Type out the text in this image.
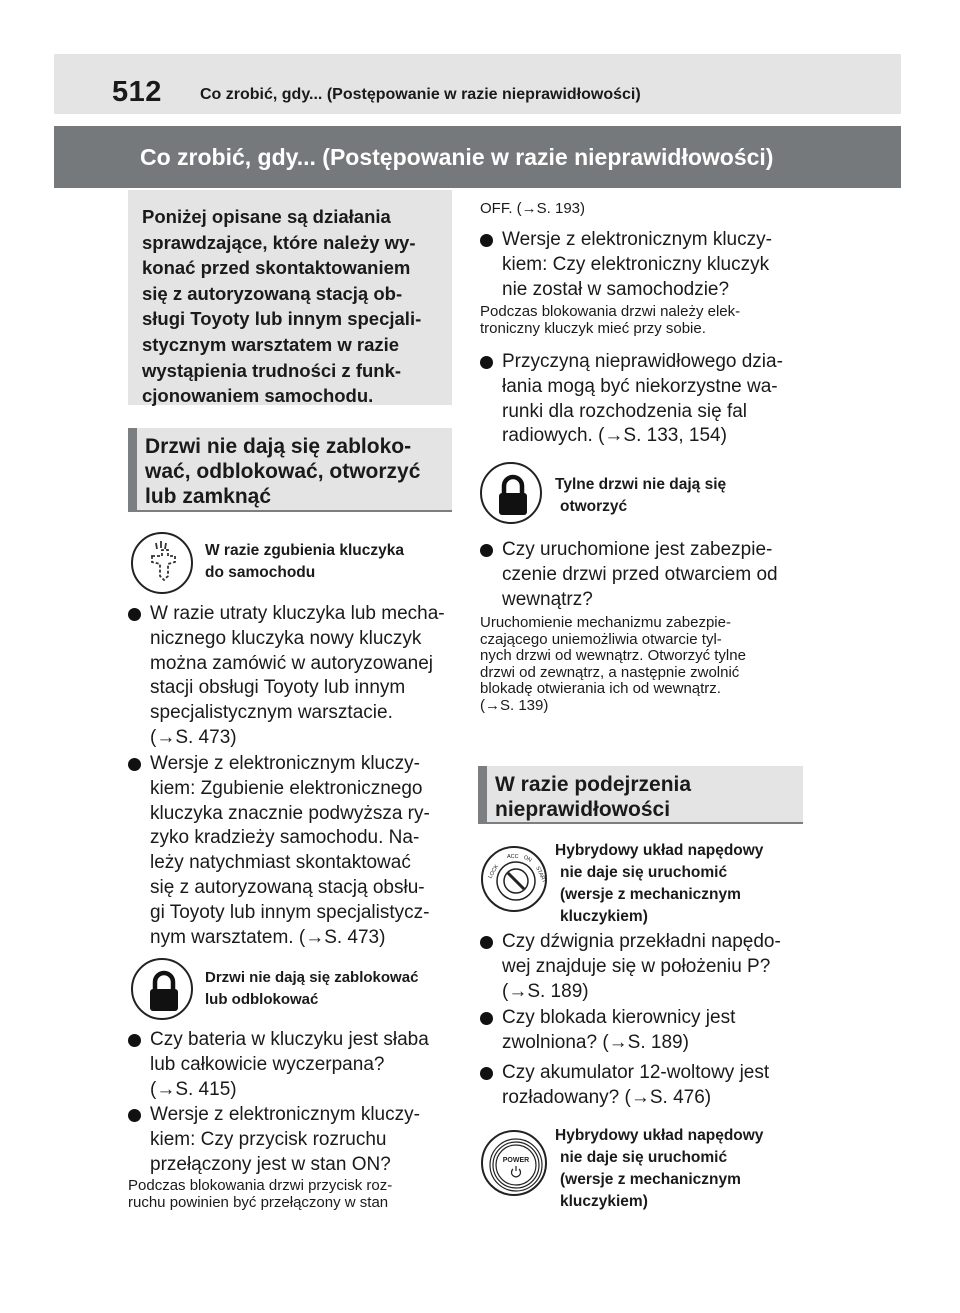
512 Co zrobić, gdy... (Postępowanie w razie nieprawidłowości)
Co zrobić, gdy... (Postępowanie w razie nieprawidłowości)
Poniżej opisane są działania
sprawdzające, które należy wy-
konać przed skontaktowaniem
się z autoryzowaną stacją ob-
sługi Toyoty lub innym specjali-
stycznym warsztatem w razie
wystąpienia trudności z funk-
cjonowaniem samochodu.
Drzwi nie dają się zabloko-
wać, odblokować, otworzyć
lub zamknąć
W razie zgubienia kluczyka
do samochodu
W razie utraty kluczyka lub mecha-
nicznego kluczyka nowy kluczyk
można zamówić w autoryzowanej
stacji obsługi Toyoty lub innym
specjalistycznym warsztacie.
(→S. 473)
Wersje z elektronicznym kluczy-
kiem: Zgubienie elektronicznego
kluczyka znacznie podwyższa ry-
zyko kradzieży samochodu. Na-
leży natychmiast skontaktować
się z autoryzowaną stacją obsłu-
gi Toyoty lub innym specjalistycz-
nym warsztatem. (→S. 473)
Drzwi nie dają się zablokować
lub odblokować
Czy bateria w kluczyku jest słaba
lub całkowicie wyczerpana?
(→S. 415)
Wersje z elektronicznym kluczy-
kiem: Czy przycisk rozruchu
przełączony jest w stan ON?
Podczas blokowania drzwi przycisk roz-
ruchu powinien być przełączony w stan
OFF. (→S. 193)
Wersje z elektronicznym kluczy-
kiem: Czy elektroniczny kluczyk
nie został w samochodzie?
Podczas blokowania drzwi należy elek-
troniczny kluczyk mieć przy sobie.
Przyczyną nieprawidłowego dzia-
łania mogą być niekorzystne wa-
runki dla rozchodzenia się fal
radiowych. (→S. 133, 154)
Tylne drzwi nie dają się
otworzyć
Czy uruchomione jest zabezpie-
czenie drzwi przed otwarciem od
wewnątrz?
Uruchomienie mechanizmu zabezpie-
czającego uniemożliwia otwarcie tyl-
nych drzwi od wewnątrz. Otworzyć tylne
drzwi od zewnątrz, a następnie zwolnić
blokadę otwierania ich od wewnątrz.
(→S. 139)
W razie podejrzenia
nieprawidłowości
LOCK
ACC ON
START
Hybrydowy układ napędowy
nie daje się uruchomić
(wersje z mechanicznym
kluczykiem)
Czy dźwignia przekładni napędo-
wej znajduje się w położeniu P?
(→S. 189)
Czy blokada kierownicy jest
zwolniona? (→S. 189)
Czy akumulator 12-woltowy jest
rozładowany? (→S. 476)
POWER
Hybrydowy układ napędowy
nie daje się uruchomić
(wersje z mechanicznym
kluczykiem)
